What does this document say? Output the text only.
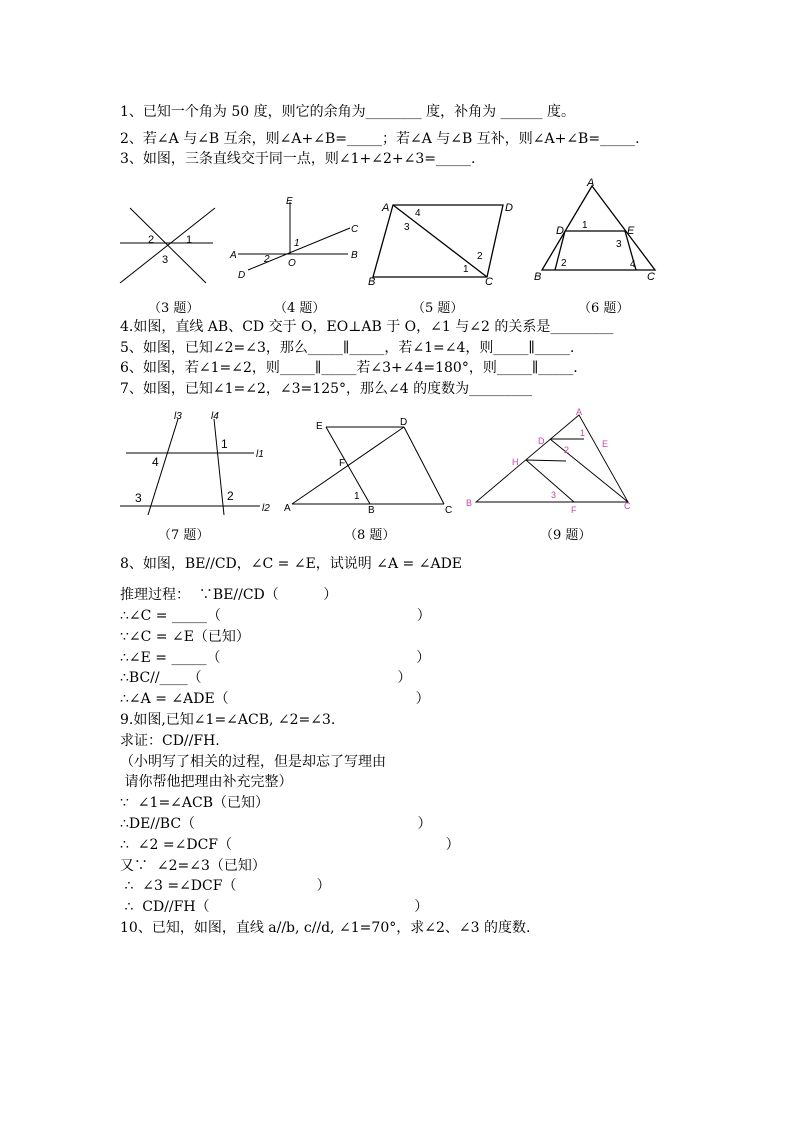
1、已知一个角为 50 度，则它的余角为________ 度，补角为 ______ 度。
2、若∠A 与∠B 互余，则∠A+∠B=_____；若∠A 与∠B 互补，则∠A+∠B=_____.
3、如图，三条直线交于同一点，则∠1+∠2+∠3=_____.
1
2
3
E
C
A	B
D
O
1
2
A	D
B	C
1
2
3
4
A
D	E
B	C
1
2
3
4
（3 题）	（4 题）	（5 题）	（6 题）
4.如图，直线 AB、CD 交于 O，EO⊥AB 于 O，∠1 与∠2 的关系是_________
5、如图，已知∠2=∠3，那么_____∥_____，若∠1=∠4，则_____∥_____.
6、如图，若∠1=∠2，则_____∥_____若∠3+∠4=180°，则_____∥_____.
7、如图，已知∠1=∠2，∠3=125°，那么∠4 的度数为_________
l3	l4
l1
l2
1
2
3
4
E	D
F
A	B	C
1
A
D	E
H
B
F	C
1
2
3
（7 题）	（8 题）	（9 题）
8、如图，BE//CD，∠C = ∠E，试说明 ∠A = ∠ADE
推理过程：  ∵BE//CD（          ）
∴∠C = _____（                                            ）
∵∠C = ∠E（已知）
∴∠E = _____（                                            ）
∴BC//____（                                            ）
∴∠A = ∠ADE（                                          ）
9.如图,已知∠1=∠ACB, ∠2=∠3.
求证：CD//FH.
（小明写了相关的过程，但是却忘了写理由
请你帮他把理由补充完整）
∵  ∠1=∠ACB（已知）
∴DE//BC（                                                  ）
∴  ∠2 =∠DCF（                                                ）
又∵  ∠2=∠3（已知）
∴  ∠3 =∠DCF（                  ）
∴  CD//FH（                                              ）
10、已知，如图，直线 a//b, c//d, ∠1=70°，求∠2、∠3 的度数.
